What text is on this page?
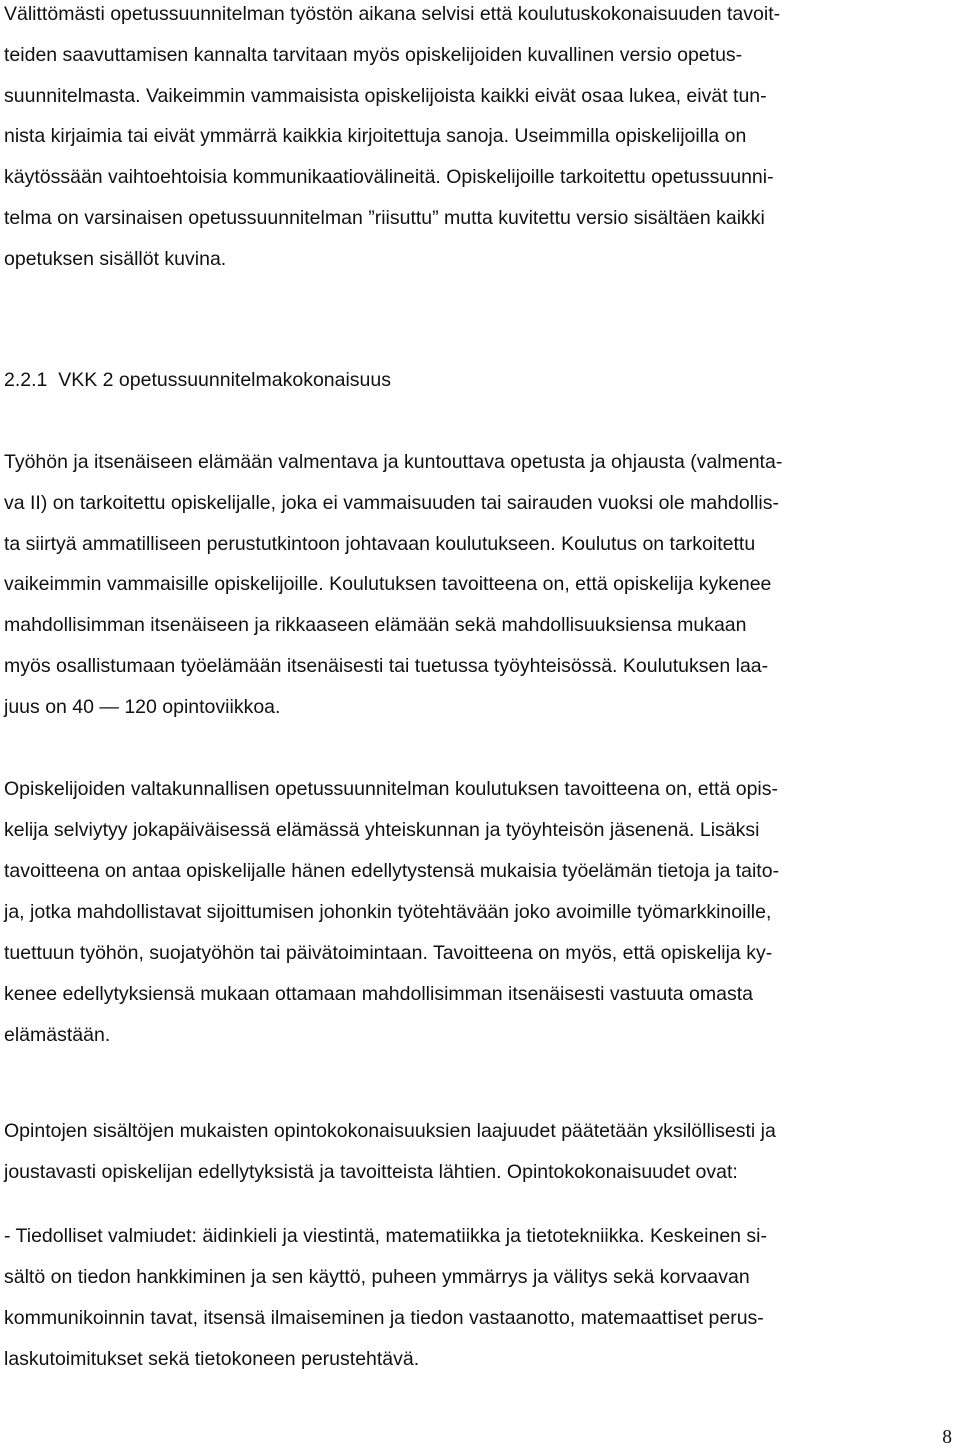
Välittömästi opetussuunnitelman työstön aikana selvisi että koulutuskokonaisuuden tavoit-
teiden saavuttamisen kannalta tarvitaan myös opiskelijoiden kuvallinen versio opetus-
suunnitelmasta. Vaikeimmin vammaisista opiskelijoista kaikki eivät osaa lukea, eivät tun-
nista kirjaimia tai eivät ymmärrä kaikkia kirjoitettuja sanoja. Useimmilla opiskelijoilla on
käytössään vaihtoehtoisia kommunikaatiovälineitä. Opiskelijoille tarkoitettu opetussuunni-
telma on varsinaisen opetussuunnitelman ”riisuttu” mutta kuvitettu versio sisältäen kaikki
opetuksen sisällöt kuvina.
2.2.1  VKK 2 opetussuunnitelmakokonaisuus
Työhön ja itsenäiseen elämään valmentava ja kuntouttava opetusta ja ohjausta (valmenta-
va II) on tarkoitettu opiskelijalle, joka ei vammaisuuden tai sairauden vuoksi ole mahdollis-
ta siirtyä ammatilliseen perustutkintoon johtavaan koulutukseen. Koulutus on tarkoitettu
vaikeimmin vammaisille opiskelijoille. Koulutuksen tavoitteena on, että opiskelija kykenee
mahdollisimman itsenäiseen ja rikkaaseen elämään sekä mahdollisuuksiensa mukaan
myös osallistumaan työelämään itsenäisesti tai tuetussa työyhteisössä. Koulutuksen laa-
juus on 40 — 120 opintoviikkoa.
Opiskelijoiden valtakunnallisen opetussuunnitelman koulutuksen tavoitteena on, että opis-
kelija selviytyy jokapäiväisessä elämässä yhteiskunnan ja työyhteisön jäsenenä. Lisäksi
tavoitteena on antaa opiskelijalle hänen edellytystensä mukaisia työelämän tietoja ja taito-
ja, jotka mahdollistavat sijoittumisen johonkin työtehtävään joko avoimille työmarkkinoille,
tuettuun työhön, suojatyöhön tai päivätoimintaan. Tavoitteena on myös, että opiskelija ky-
kenee edellytyksiensä mukaan ottamaan mahdollisimman itsenäisesti vastuuta omasta
elämästään.
Opintojen sisältöjen mukaisten opintokokonaisuuksien laajuudet päätetään yksilöllisesti ja
joustavasti opiskelijan edellytyksistä ja tavoitteista lähtien. Opintokokonaisuudet ovat:
- Tiedolliset valmiudet: äidinkieli ja viestintä, matematiikka ja tietotekniikka. Keskeinen si-
sältö on tiedon hankkiminen ja sen käyttö, puheen ymmärrys ja välitys sekä korvaavan
kommunikoinnin tavat, itsensä ilmaiseminen ja tiedon vastaanotto, matemaattiset perus-
laskutoimitukset sekä tietokoneen perustehtävä.
8
